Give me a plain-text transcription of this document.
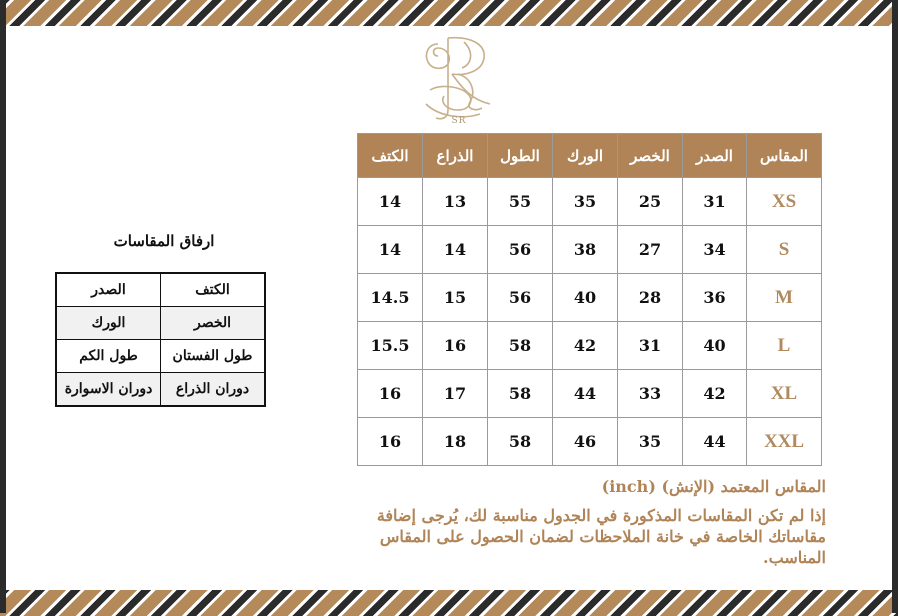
SR
المقاس	الصدر	الخصر	الورك	الطول	الذراع	الكتف
XS	31	25	35	55	13	14
S	34	27	38	56	14	14
M	36	28	40	56	15	14.5
L	40	31	42	58	16	15.5
XL	42	33	44	58	17	16
XXL	44	35	46	58	18	16
ارفاق المقاسات
الكتف	الصدر
الخصر	الورك
طول الفستان	طول الكم
دوران الذراع	دوران الاسوارة
المقاس المعتمد (الإنش) (inch)
إذا لم تكن المقاسات المذكورة في الجدول مناسبة لك، يُرجى إضافة مقاساتك الخاصة في خانة الملاحظات لضمان الحصول على المقاس المناسب.
